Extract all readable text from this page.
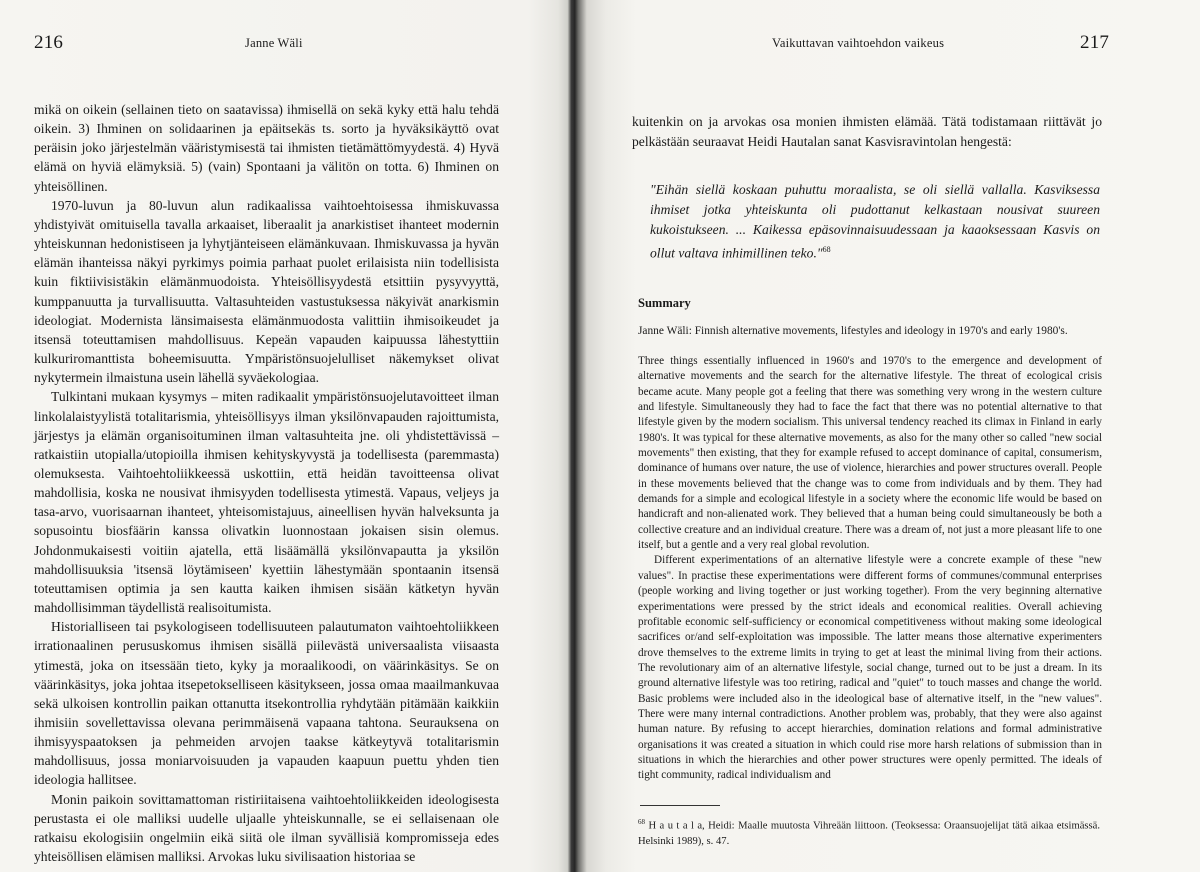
216	Janne Wäli

mikä on oikein (sellainen tieto on saatavissa) ihmisellä on sekä kyky että halu tehdä oikein. 3) Ihminen on solidaarinen ja epäitsekäs ts. sorto ja hyväksikäyttö ovat peräisin joko järjestelmän vääristymisestä tai ihmisten tietämättömyydestä. 4) Hyvä elämä on hyviä elämyksiä. 5) (vain) Spontaani ja välitön on totta. 6) Ihminen on yhteisöllinen.

1970-luvun ja 80-luvun alun radikaalissa vaihtoehtoisessa ihmiskuvassa yhdistyivät omituisella tavalla arkaaiset, liberaalit ja anarkistiset ihanteet modernin yhteiskunnan hedonistiseen ja lyhytjänteiseen elämänkuvaan. Ihmiskuvassa ja hyvän elämän ihanteissa näkyi pyrkimys poimia parhaat puolet erilaisista niin todellisista kuin fiktiivisistäkin elämänmuodoista. Yhteisöllisyydestä etsittiin pysyvyyttä, kumppanuutta ja turvallisuutta. Valtasuhteiden vastustuksessa näkyivät anarkismin ideologiat. Modernista länsimaisesta elämänmuodosta valittiin ihmisoikeudet ja itsensä toteuttamisen mahdollisuus. Kepeän vapauden kaipuussa lähestyttiin kulkuriromanttista boheemisuutta. Ympäristönsuojelulliset näkemykset olivat nykytermein ilmaistuna usein lähellä syväekologiaa.

Tulkintani mukaan kysymys – miten radikaalit ympäristönsuojelutavoitteet ilman linkolalaistyylistä totalitarismia, yhteisöllisyys ilman yksilönvapauden rajoittumista, järjestys ja elämän organisoituminen ilman valtasuhteita jne. oli yhdistettävissä – ratkaistiin utopialla/utopioilla ihmisen kehityskyvystä ja todellisesta (paremmasta) olemuksesta. Vaihtoehtoliikkeessä uskottiin, että heidän tavoitteensa olivat mahdollisia, koska ne nousivat ihmisyyden todellisesta ytimestä. Vapaus, veljeys ja tasa-arvo, vuorisaarnan ihanteet, yhteisomistajuus, aineellisen hyvän halveksunta ja sopusointu biosfäärin kanssa olivatkin luonnostaan jokaisen sisin olemus. Johdonmukaisesti voitiin ajatella, että lisäämällä yksilönvapautta ja yksilön mahdollisuuksia 'itsensä löytämiseen' kyettiin lähestymään spontaanin itsensä toteuttamisen optimia ja sen kautta kaiken ihmisen sisään kätketyn hyvän mahdollisimman täydellistä realisoitumista.

Historialliseen tai psykologiseen todellisuuteen palautumaton vaihtoehtoliikkeen irrationaalinen perususkomus ihmisen sisällä piilevästä universaalista viisaasta ytimestä, joka on itsessään tieto, kyky ja moraalikoodi, on väärinkäsitys. Se on väärinkäsitys, joka johtaa itsepetokselliseen käsitykseen, jossa omaa maailmankuvaa sekä ulkoisen kontrollin paikan ottanutta itsekontrollia ryhdytään pitämään kaikkiin ihmisiin sovellettavissa olevana perimmäisenä vapaana tahtona. Seurauksena on ihmisyyspaatoksen ja pehmeiden arvojen taakse kätkeytyvä totalitarismin mahdollisuus, jossa moniarvoisuuden ja vapauden kaapuun puettu yhden tien ideologia hallitsee.

Monin paikoin sovittamattoman ristiriitaisena vaihtoehtoliikkeiden ideologisesta perustasta ei ole malliksi uudelle uljaalle yhteiskunnalle, se ei sellaisenaan ole ratkaisu ekologisiin ongelmiin eikä siitä ole ilman syvällisiä kompromisseja edes yhteisöllisen elämisen malliksi. Arvokas luku sivilisaation historiaa se

Vaikuttavan vaihtoehdon vaikeus	217

kuitenkin on ja arvokas osa monien ihmisten elämää. Tätä todistamaan riittävät jo pelkästään seuraavat Heidi Hautalan sanat Kasvisravintolan hengestä:

"Eihän siellä koskaan puhuttu moraalista, se oli siellä vallalla. Kasviksessa ihmiset jotka yhteiskunta oli pudottanut kelkastaan nousivat suureen kukoistukseen. ... Kaikessa epäsovinnaisuudessaan ja kaaoksessaan Kasvis on ollut valtava inhimillinen teko."$^{68}$
Summary
Janne Wäli: Finnish alternative movements, lifestyles and ideology in 1970's and early 1980's.

Three things essentially influenced in 1960's and 1970's to the emergence and development of alternative movements and the search for the alternative lifestyle. The threat of ecological crisis became acute. Many people got a feeling that there was something very wrong in the western culture and lifestyle. Simultaneously they had to face the fact that there was no potential alternative to that lifestyle given by the modern socialism. This universal tendency reached its climax in Finland in early 1980's. It was typical for these alternative movements, as also for the many other so called "new social movements" then existing, that they for example refused to accept dominance of capital, consumerism, dominance of humans over nature, the use of violence, hierarchies and power structures overall. People in these movements believed that the change was to come from individuals and by them. They had demands for a simple and ecological lifestyle in a society where the economic life would be based on handicraft and non-alienated work. They believed that a human being could simultaneously be both a collective creature and an individual creature. There was a dream of, not just a more pleasant life to one itself, but a gentle and a very real global revolution.

Different experimentations of an alternative lifestyle were a concrete example of these "new values". In practise these experimentations were different forms of communes/communal enterprises (people working and living together or just working together). From the very beginning alternative experimentations were pressed by the strict ideals and economical realities. Overall achieving profitable economic self-sufficiency or economical competitiveness without making some ideological sacrifices or/and self-exploitation was impossible. The latter means those alternative experimenters drove themselves to the extreme limits in trying to get at least the minimal living from their actions. The revolutionary aim of an alternative lifestyle, social change, turned out to be just a dream. In its ground alternative lifestyle was too retiring, radical and "quiet" to touch masses and change the world. Basic problems were included also in the ideological base of alternative itself, in the "new values". There were many internal contradictions. Another problem was, probably, that they were also against human nature. By refusing to accept hierarchies, domination relations and formal administrative organisations it was created a situation in which could rise more harsh relations of submission than in situations in which the hierarchies and other power structures were openly permitted. The ideals of tight community, radical individualism and

$^{68}$ H a u t a l a, Heidi: Maalle muutosta Vihreään liittoon. (Teoksessa: Oraansuojelijat tätä aikaa etsimässä. Helsinki 1989), s. 47.
